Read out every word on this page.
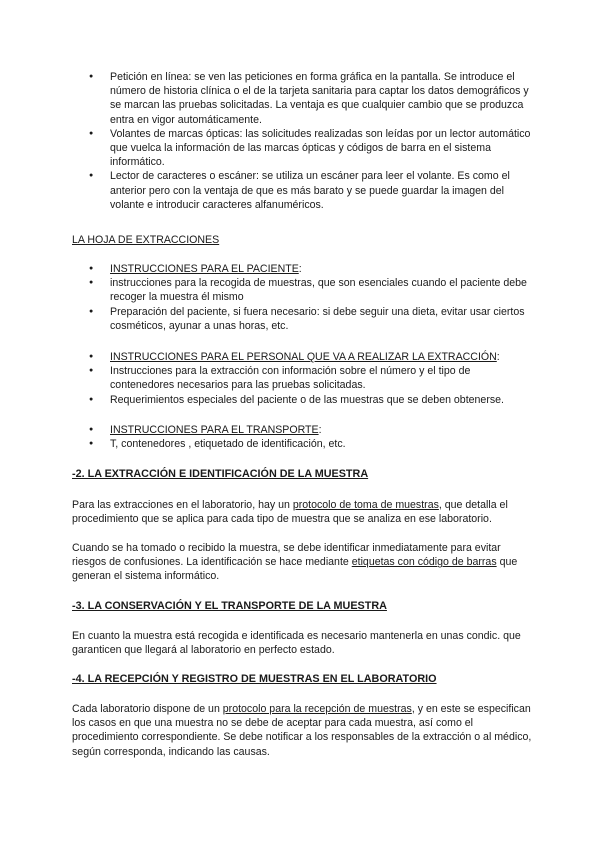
● Petición en línea: se ven las peticiones en forma gráfica en la pantalla. Se introduce el número de historia clínica o el de la tarjeta sanitaria para captar los datos demográficos y se marcan las pruebas solicitadas. La ventaja es que cualquier cambio que se produzca entra en vigor automáticamente.
● Volantes de marcas ópticas: las solicitudes realizadas son leídas por un lector automático que vuelca la información de las marcas ópticas y códigos de barra en el sistema informático.
● Lector de caracteres o escáner: se utiliza un escáner para leer el volante. Es como el anterior pero con la ventaja de que es más barato y se puede guardar la imagen del volante e introducir caracteres alfanuméricos.
LA HOJA DE EXTRACCIONES
● INSTRUCCIONES PARA EL PACIENTE:
● instrucciones para la recogida de muestras, que son esenciales cuando el paciente debe recoger la muestra él mismo
● Preparación del paciente, si fuera necesario: si debe seguir una dieta, evitar usar ciertos cosméticos, ayunar a unas horas, etc.
● INSTRUCCIONES PARA EL PERSONAL QUE VA A REALIZAR LA EXTRACCIÓN:
● Instrucciones para la extracción con información sobre el número y el tipo de contenedores necesarios para las pruebas solicitadas.
● Requerimientos especiales del paciente o de las muestras que se deben obtenerse.
● INSTRUCCIONES PARA EL TRANSPORTE:
● T, contenedores , etiquetado de identificación, etc.
-2. LA EXTRACCIÓN E IDENTIFICACIÓN DE LA MUESTRA

Para las extracciones en el laboratorio, hay un protocolo de toma de muestras, que detalla el procedimiento que se aplica para cada tipo de muestra que se analiza en ese laboratorio.

Cuando se ha tomado o recibido la muestra, se debe identificar inmediatamente para evitar riesgos de confusiones. La identificación se hace mediante etiquetas con código de barras que generan el sistema informático.

-3. LA CONSERVACIÓN Y EL TRANSPORTE DE LA MUESTRA

En cuanto la muestra está recogida e identificada es necesario mantenerla en unas condic. que garanticen que llegará al laboratorio en perfecto estado.

-4. LA RECEPCIÓN Y REGISTRO DE MUESTRAS EN EL LABORATORIO

Cada laboratorio dispone de un protocolo para la recepción de muestras, y en este se especifican los casos en que una muestra no se debe de aceptar para cada muestra, así como el procedimiento correspondiente. Se debe notificar a los responsables de la extracción o al médico, según corresponda, indicando las causas.
